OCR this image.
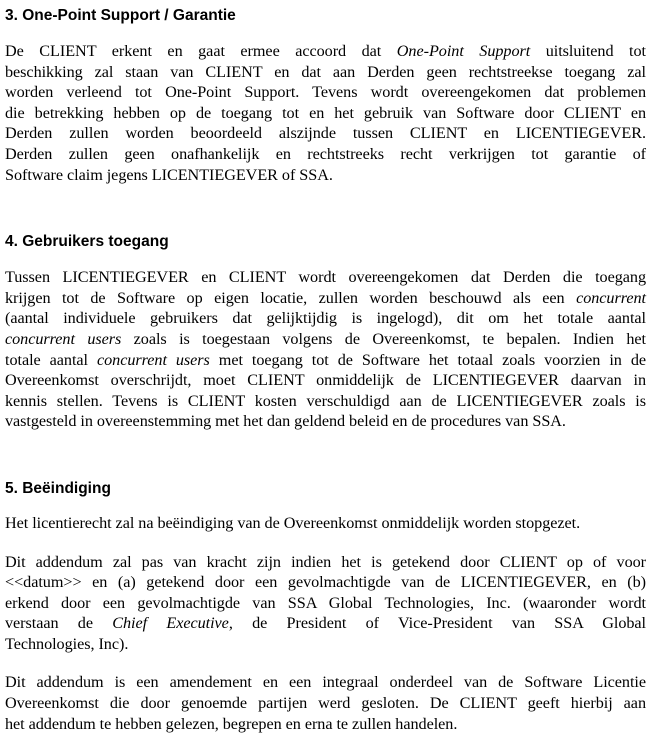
3. One-Point Support / Garantie

De CLIENT erkent en gaat ermee accoord dat One-Point Support uitsluitend tot
beschikking zal staan van CLIENT en dat aan Derden geen rechtstreekse toegang zal
worden verleend tot One-Point Support. Tevens wordt overeengekomen dat problemen
die betrekking hebben op de toegang tot en het gebruik van Software door CLIENT en
Derden zullen worden beoordeeld alszijnde tussen CLIENT en LICENTIEGEVER.
Derden zullen geen onafhankelijk en rechtstreeks recht verkrijgen tot garantie of
Software claim jegens LICENTIEGEVER of SSA.

4. Gebruikers toegang

Tussen LICENTIEGEVER en CLIENT wordt overeengekomen dat Derden die toegang
krijgen tot de Software op eigen locatie, zullen worden beschouwd als een concurrent
(aantal individuele gebruikers dat gelijktijdig is ingelogd), dit om het totale aantal
concurrent users zoals is toegestaan volgens de Overeenkomst, te bepalen. Indien het
totale aantal concurrent users met toegang tot de Software het totaal zoals voorzien in de
Overeenkomst overschrijdt, moet CLIENT onmiddelijk de LICENTIEGEVER daarvan in
kennis stellen. Tevens is CLIENT kosten verschuldigd aan de LICENTIEGEVER zoals is
vastgesteld in overeenstemming met het dan geldend beleid en de procedures van SSA.

5. Beëindiging

Het licentierecht zal na beëindiging van de Overeenkomst onmiddelijk worden stopgezet.

Dit addendum zal pas van kracht zijn indien het is getekend door CLIENT op of voor
<<datum>> en (a) getekend door een gevolmachtigde van de LICENTIEGEVER, en (b)
erkend door een gevolmachtigde van SSA Global Technologies, Inc. (waaronder wordt
verstaan de Chief Executive, de President of Vice-President van SSA Global
Technologies, Inc).

Dit addendum is een amendement en een integraal onderdeel van de Software Licentie
Overeenkomst die door genoemde partijen werd gesloten. De CLIENT geeft hierbij aan
het addendum te hebben gelezen, begrepen en erna te zullen handelen.
